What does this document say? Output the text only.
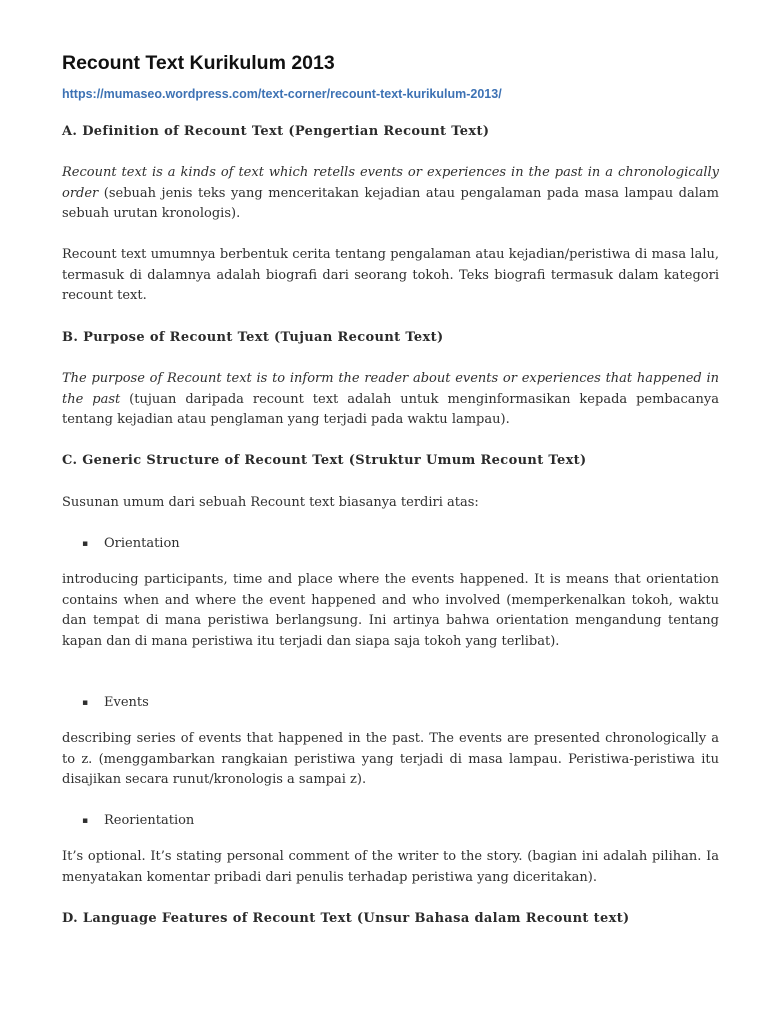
Recount Text Kurikulum 2013
https://mumaseo.wordpress.com/text-corner/recount-text-kurikulum-2013/
A. Definition of Recount Text (Pengertian Recount Text)

Recount text is a kinds of text which retells events or experiences in the past in a chronologically order (sebuah jenis teks yang menceritakan kejadian atau pengalaman pada masa lampau dalam sebuah urutan kronologis).

Recount text umumnya berbentuk cerita tentang pengalaman atau kejadian/peristiwa di masa lalu, termasuk di dalamnya adalah biografi dari seorang tokoh. Teks biografi termasuk dalam kategori recount text.

B. Purpose of Recount Text (Tujuan Recount Text)

The purpose of Recount text is to inform the reader about events or experiences that happened in the past (tujuan daripada recount text adalah untuk menginformasikan kepada pembacanya tentang kejadian atau penglaman yang terjadi pada waktu lampau).

C. Generic Structure of Recount Text (Struktur Umum Recount Text)

Susunan umum dari sebuah Recount text biasanya terdiri atas:

▪ Orientation

introducing participants, time and place where the events happened. It is means that orientation contains when and where the event happened and who involved (memperkenalkan tokoh, waktu dan tempat di mana peristiwa berlangsung. Ini artinya bahwa orientation mengandung tentang kapan dan di mana peristiwa itu terjadi dan siapa saja tokoh yang terlibat).

▪ Events

describing series of events that happened in the past. The events are presented chronologically a to z. (menggambarkan rangkaian peristiwa yang terjadi di masa lampau. Peristiwa-peristiwa itu disajikan secara runut/kronologis a sampai z).

▪ Reorientation

It’s optional. It’s stating personal comment of the writer to the story. (bagian ini adalah pilihan. Ia menyatakan komentar pribadi dari penulis terhadap peristiwa yang diceritakan).

D. Language Features of Recount Text (Unsur Bahasa dalam Recount text)
